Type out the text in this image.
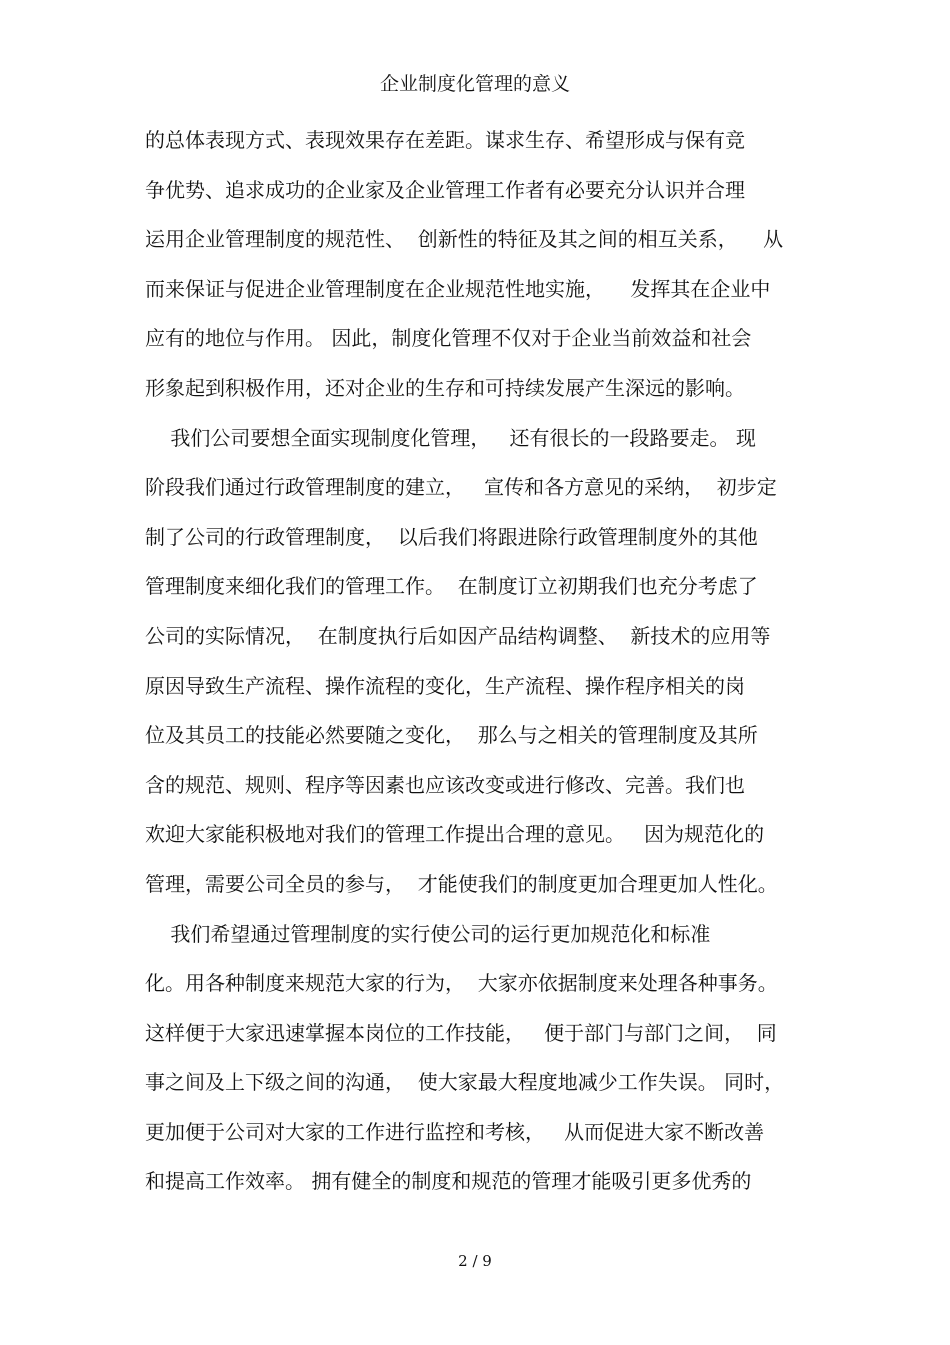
企业制度化管理的意义
的总体表现方式、表现效果存在差距。谋求生存、希望形成与保有竞
争优势、追求成功的企业家及企业管理工作者有必要充分认识并合理
运用企业管理制度的规范性、  创新性的特征及其之间的相互关系，    从
而来保证与促进企业管理制度在企业规范性地实施，    发挥其在企业中
应有的地位与作用。 因此，制度化管理不仅对于企业当前效益和社会
形象起到积极作用，还对企业的生存和可持续发展产生深远的影响。
我们公司要想全面实现制度化管理，   还有很长的一段路要走。 现
阶段我们通过行政管理制度的建立，   宣传和各方意见的采纳，  初步定
制了公司的行政管理制度，  以后我们将跟进除行政管理制度外的其他
管理制度来细化我们的管理工作。  在制度订立初期我们也充分考虑了
公司的实际情况，  在制度执行后如因产品结构调整、  新技术的应用等
原因导致生产流程、操作流程的变化，生产流程、操作程序相关的岗
位及其员工的技能必然要随之变化，  那么与之相关的管理制度及其所
含的规范、规则、程序等因素也应该改变或进行修改、完善。我们也
欢迎大家能积极地对我们的管理工作提出合理的意见。   因为规范化的
管理，需要公司全员的参与，  才能使我们的制度更加合理更加人性化。
我们希望通过管理制度的实行使公司的运行更加规范化和标准
化。用各种制度来规范大家的行为，  大家亦依据制度来处理各种事务。
这样便于大家迅速掌握本岗位的工作技能，   便于部门与部门之间，  同
事之间及上下级之间的沟通，  使大家最大程度地减少工作失误。 同时，
更加便于公司对大家的工作进行监控和考核，   从而促进大家不断改善
和提高工作效率。 拥有健全的制度和规范的管理才能吸引更多优秀的
2 / 9
